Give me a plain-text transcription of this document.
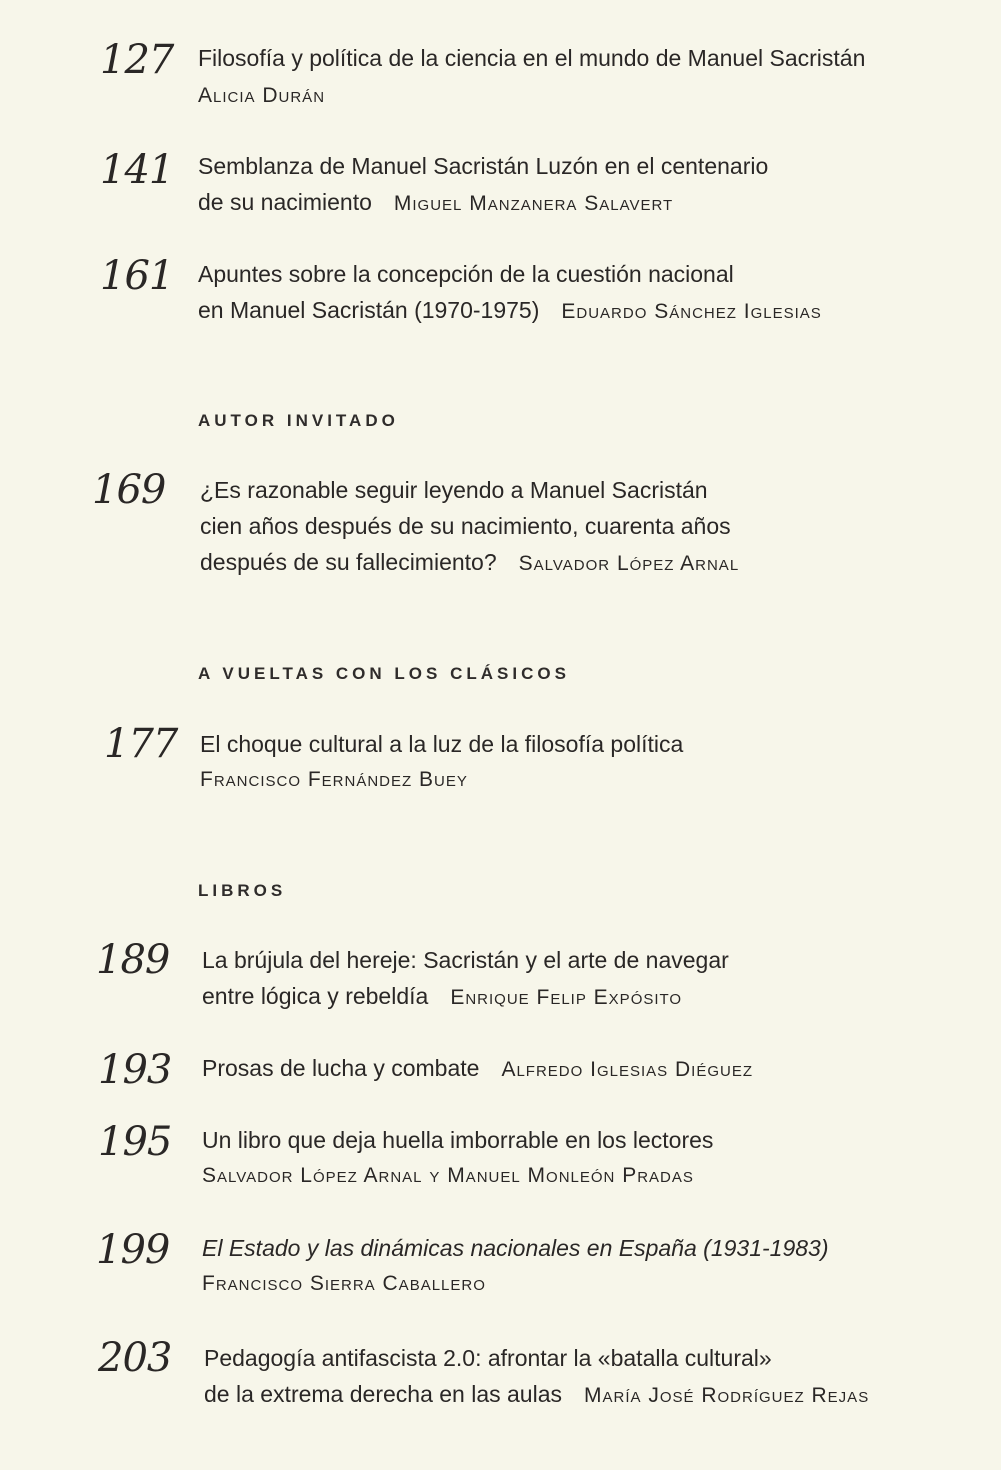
127 Filosofía y política de la ciencia en el mundo de Manuel Sacristán
Alicia Durán
141 Semblanza de Manuel Sacristán Luzón en el centenario
de su nacimiento Miguel Manzanera Salavert
161 Apuntes sobre la concepción de la cuestión nacional
en Manuel Sacristán (1970-1975) Eduardo Sánchez Iglesias
AUTOR INVITADO
169 ¿Es razonable seguir leyendo a Manuel Sacristán
cien años después de su nacimiento, cuarenta años
después de su fallecimiento? Salvador López Arnal
A VUELTAS CON LOS CLÁSICOS
177 El choque cultural a la luz de la filosofía política
Francisco Fernández Buey
LIBROS
189 La brújula del hereje: Sacristán y el arte de navegar
entre lógica y rebeldía Enrique Felip Expósito
193 Prosas de lucha y combate Alfredo Iglesias Diéguez
195 Un libro que deja huella imborrable en los lectores
Salvador López Arnal y Manuel Monleón Pradas
199 El Estado y las dinámicas nacionales en España (1931-1983)
Francisco Sierra Caballero
203 Pedagogía antifascista 2.0: afrontar la «batalla cultural»
de la extrema derecha en las aulas María José Rodríguez Rejas
